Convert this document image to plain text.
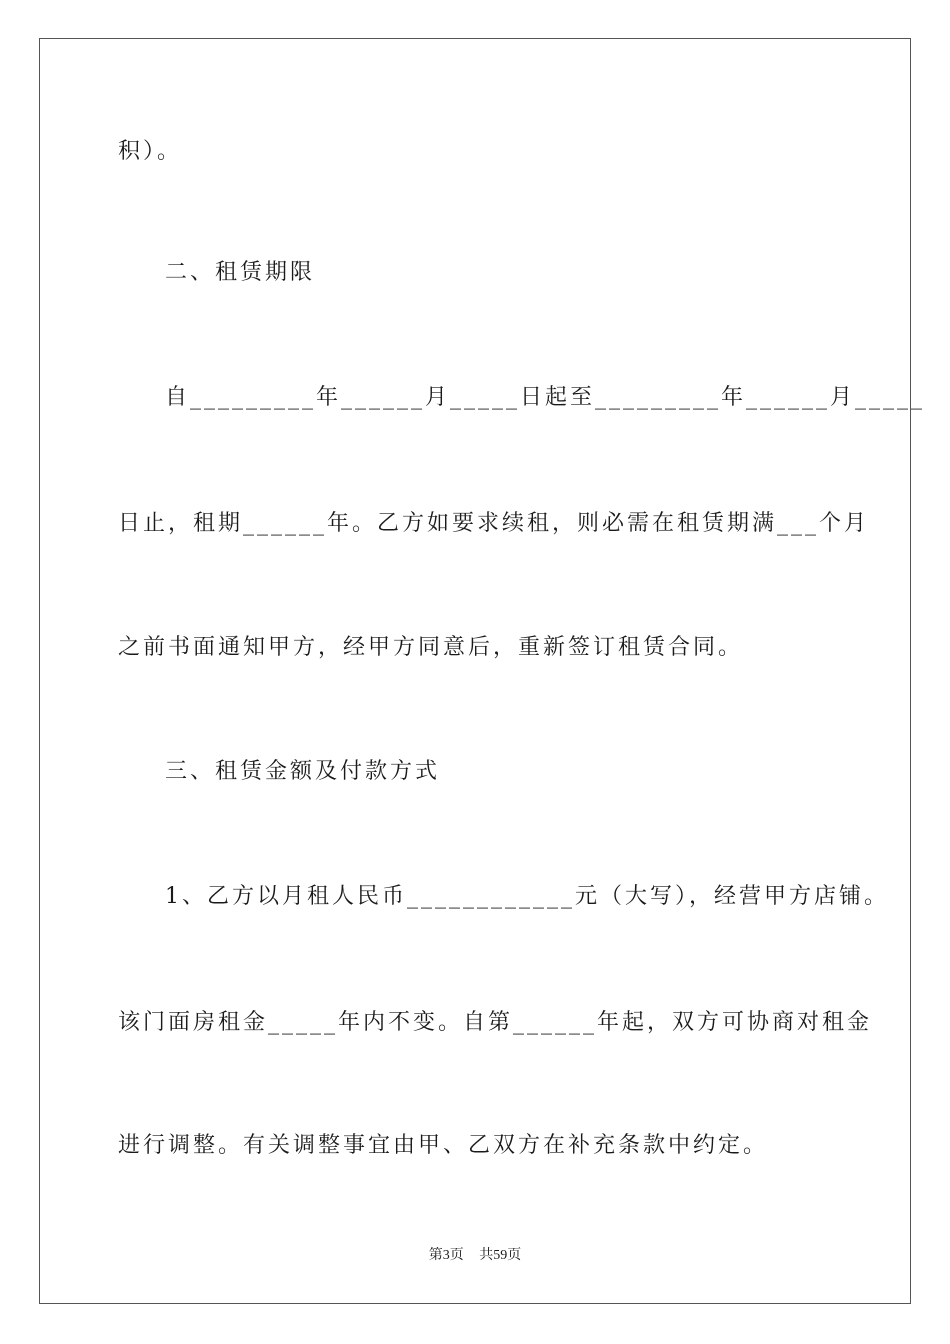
积）。
二、租赁期限
自_________年______月_____日起至_________年______月_____
日止，租期______年。乙方如要求续租，则必需在租赁期满___个月
之前书面通知甲方，经甲方同意后，重新签订租赁合同。
三、租赁金额及付款方式
1、乙方以月租人民币____________元（大写），经营甲方店铺。
该门面房租金_____年内不变。自第______年起，双方可协商对租金
进行调整。有关调整事宜由甲、乙双方在补充条款中约定。
第3页 共59页
